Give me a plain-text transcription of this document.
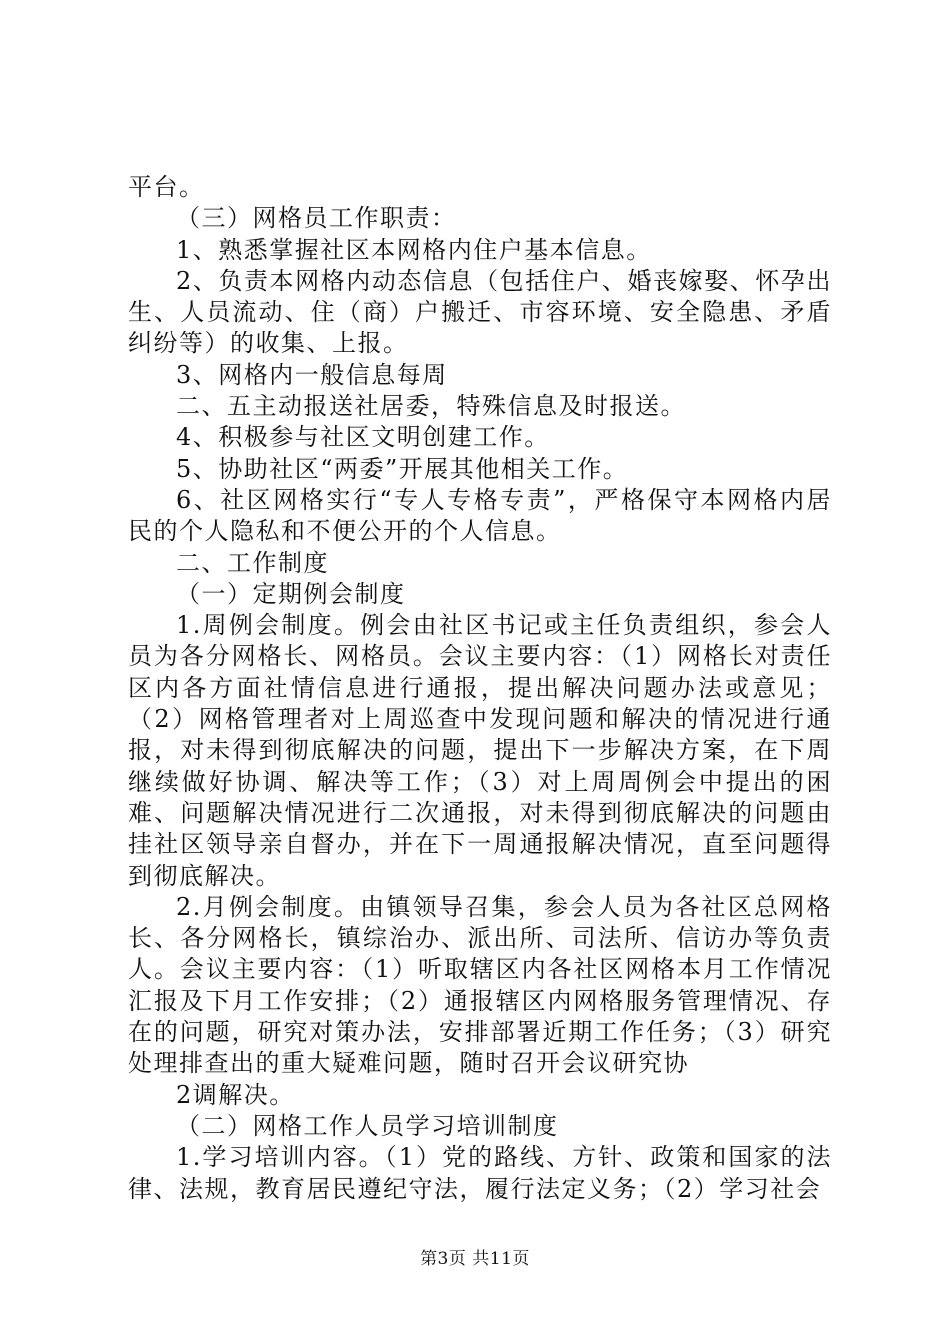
平台。

（三）网格员工作职责：

1、熟悉掌握社区本网格内住户基本信息。

2、负责本网格内动态信息（包括住户、婚丧嫁娶、怀孕出生、人员流动、住（商）户搬迁、市容环境、安全隐患、矛盾纠纷等）的收集、上报。

3、网格内一般信息每周

二、五主动报送社居委，特殊信息及时报送。

4、积极参与社区文明创建工作。

5、协助社区“两委”开展其他相关工作。

6、社区网格实行“专人专格专责”，严格保守本网格内居民的个人隐私和不便公开的个人信息。

二、工作制度

（一）定期例会制度

1.周例会制度。例会由社区书记或主任负责组织，参会人员为各分网格长、网格员。会议主要内容：（1）网格长对责任区内各方面社情信息进行通报，提出解决问题办法或意见；（2）网格管理者对上周巡查中发现问题和解决的情况进行通报，对未得到彻底解决的问题，提出下一步解决方案，在下周继续做好协调、解决等工作；（3）对上周周例会中提出的困难、问题解决情况进行二次通报，对未得到彻底解决的问题由挂社区领导亲自督办，并在下一周通报解决情况，直至问题得到彻底解决。

2.月例会制度。由镇领导召集，参会人员为各社区总网格长、各分网格长，镇综治办、派出所、司法所、信访办等负责人。会议主要内容：（1）听取辖区内各社区网格本月工作情况汇报及下月工作安排；（2）通报辖区内网格服务管理情况、存在的问题，研究对策办法，安排部署近期工作任务；（3）研究处理排查出的重大疑难问题，随时召开会议研究协

2调解决。

（二）网格工作人员学习培训制度

1.学习培训内容。（1）党的路线、方针、政策和国家的法律、法规，教育居民遵纪守法，履行法定义务；（2）学习社会

第3页 共11页
